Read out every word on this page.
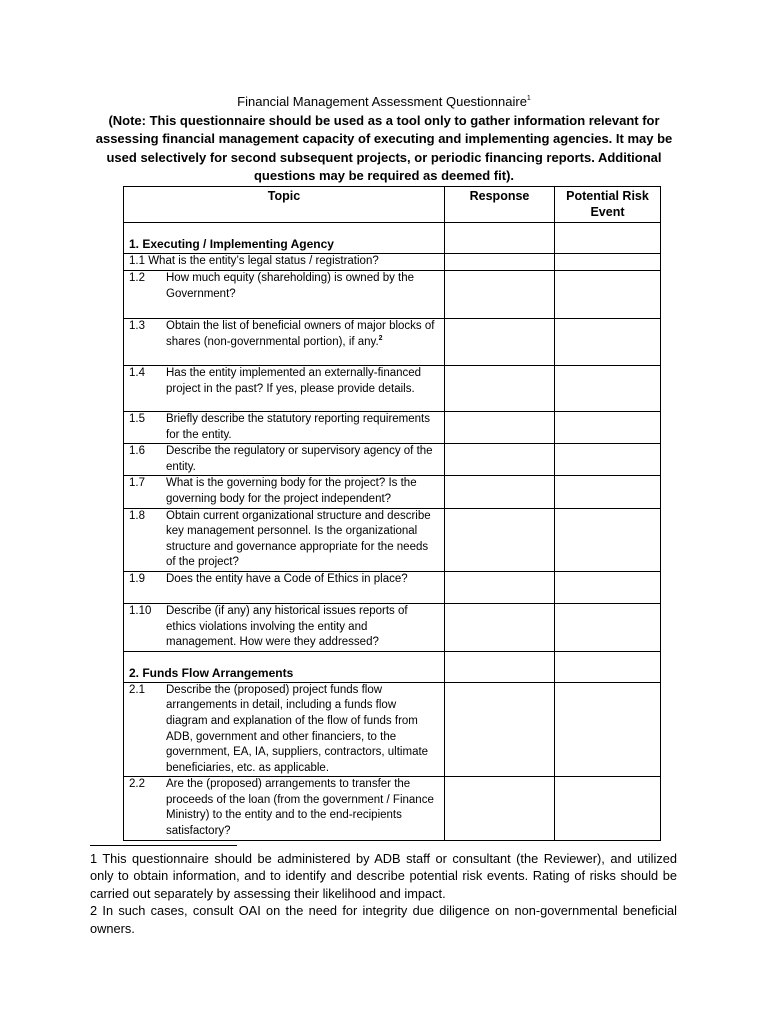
Financial Management Assessment Questionnaire$^1$
(Note: This questionnaire should be used as a tool only to gather information relevant for assessing financial management capacity of executing and implementing agencies. It may be used selectively for second subsequent projects, or periodic financing reports. Additional questions may be required as deemed fit).
Topic	Response	Potential Risk Event

1. Executing / Implementing Agency		

1.1 What is the entity’s legal status / registration?		

1.2 How much equity (shareholding) is owned by the Government?		

1.3 Obtain the list of beneficial owners of major blocks of shares (non-governmental portion), if any.$^2$

1.4 Has the entity implemented an externally-financed project in the past? If yes, please provide details.		

1.5 Briefly describe the statutory reporting requirements for the entity.		

1.6 Describe the regulatory or supervisory agency of the entity.		

1.7 What is the governing body for the project? Is the governing body for the project independent?		

1.8 Obtain current organizational structure and describe key management personnel. Is the organizational structure and governance appropriate for the needs of the project?		

1.9 Does the entity have a Code of Ethics in place?		

1.10 Describe (if any) any historical issues reports of ethics violations involving the entity and management. How were they addressed?		

2. Funds Flow Arrangements		

2.1 Describe the (proposed) project funds flow arrangements in detail, including a funds flow diagram and explanation of the flow of funds from ADB, government and other financiers, to the government, EA, IA, suppliers, contractors, ultimate beneficiaries, etc. as applicable.		

2.2 Are the (proposed) arrangements to transfer the proceeds of the loan (from the government / Finance Ministry) to the entity and to the end-recipients satisfactory?		

1 This questionnaire should be administered by ADB staff or consultant (the Reviewer), and utilized only to obtain information, and to identify and describe potential risk events. Rating of risks should be carried out separately by assessing their likelihood and impact.

2 In such cases, consult OAI on the need for integrity due diligence on non-governmental beneficial owners.
